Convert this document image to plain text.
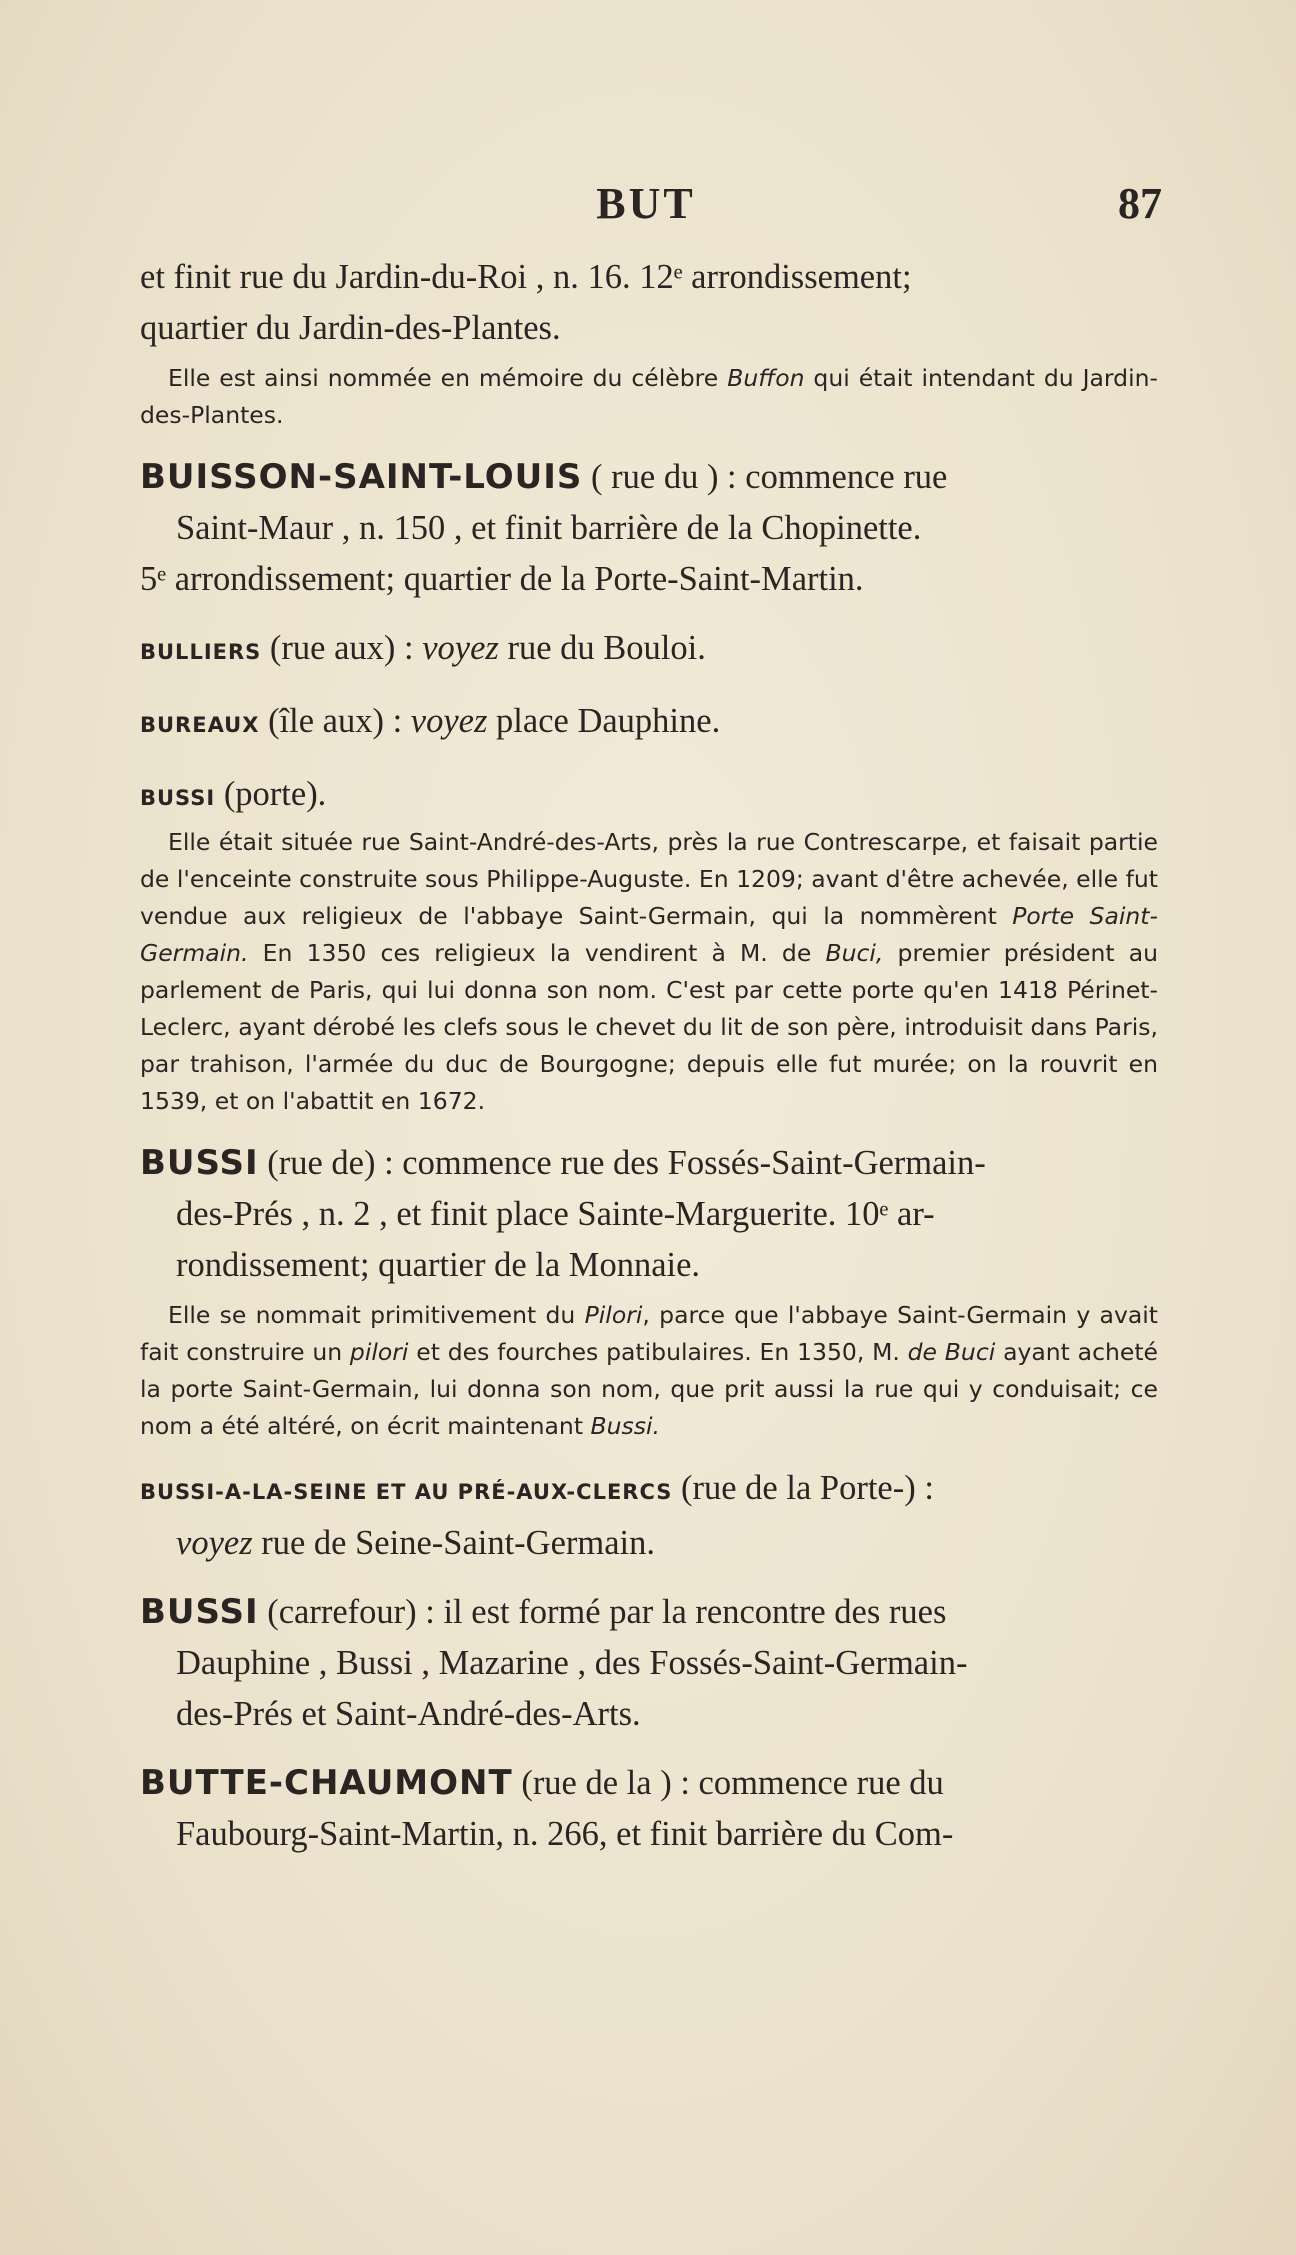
BUT	87

et finit rue du Jardin-du-Roi , n. 16. 12ᵉ arrondissement;

quartier du Jardin-des-Plantes.

Elle est ainsi nommée en mémoire du célèbre Buffon qui était intendant du Jardin-des-Plantes.

BUISSON-SAINT-LOUIS ( rue du ) : commence rue

Saint-Maur , n. 150 , et finit barrière de la Chopinette.

5ᵉ arrondissement; quartier de la Porte-Saint-Martin.

BULLIERS (rue aux) : voyez rue du Bouloi.

BUREAUX (île aux) : voyez place Dauphine.

BUSSI (porte).

Elle était située rue Saint-André-des-Arts, près la rue Contrescarpe, et faisait partie de l'enceinte construite sous Philippe-Auguste. En 1209; avant d'être achevée, elle fut vendue aux religieux de l'abbaye Saint-Germain, qui la nommèrent Porte Saint-Germain. En 1350 ces religieux la vendirent à M. de Buci, premier président au parlement de Paris, qui lui donna son nom. C'est par cette porte qu'en 1418 Périnet-Leclerc, ayant dérobé les clefs sous le chevet du lit de son père, introduisit dans Paris, par trahison, l'armée du duc de Bourgogne; depuis elle fut murée; on la rouvrit en 1539, et on l'abattit en 1672.

BUSSI (rue de) : commence rue des Fossés-Saint-Germain-

des-Prés , n. 2 , et finit place Sainte-Marguerite. 10ᵉ ar-

rondissement; quartier de la Monnaie.

Elle se nommait primitivement du Pilori, parce que l'abbaye Saint-Germain y avait fait construire un pilori et des fourches patibulaires. En 1350, M. de Buci ayant acheté la porte Saint-Germain, lui donna son nom, que prit aussi la rue qui y conduisait; ce nom a été altéré, on écrit maintenant Bussi.

BUSSI-A-LA-SEINE ET AU PRÉ-AUX-CLERCS (rue de la Porte-) :

voyez rue de Seine-Saint-Germain.

BUSSI (carrefour) : il est formé par la rencontre des rues

Dauphine , Bussi , Mazarine , des Fossés-Saint-Germain-

des-Prés et Saint-André-des-Arts.

BUTTE-CHAUMONT (rue de la ) : commence rue du

Faubourg-Saint-Martin, n. 266, et finit barrière du Com-
